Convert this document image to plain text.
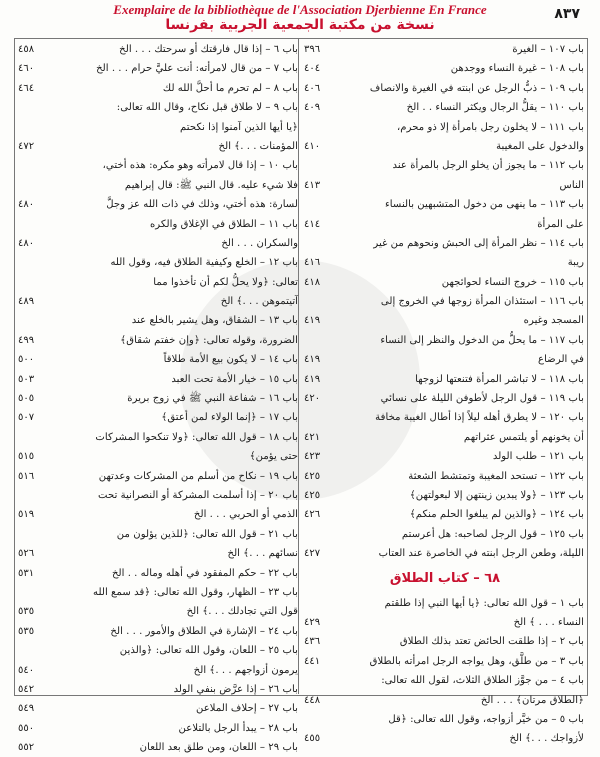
Exemplaire de la bibliothèque de l'Association Djerbienne En France
نسخة من مكتبة الجمعية الجربية بفرنسا
٨٣٧
٣٩٦	باب ١٠٧ – الغيرة
٤٠٤	باب ١٠٨ – غيرة النساء ووجدهن
٤٠٦	باب ١٠٩ – ذبُّ الرجل عن ابنته في الغيرة والانصاف
٤٠٩	باب ١١٠ – يقلُّ الرجال ويكثر النساء . . الخ
باب ١١١ – لا يخلون رجل بامرأة إلا ذو محرم،
٤١٠	والدخول على المغيبة
باب ١١٢ – ما يجوز أن يخلو الرجل بالمرأة عند
٤١٣	الناس
باب ١١٣ – ما ينهى من دخول المتشبهين بالنساء
٤١٤	على المرأة
باب ١١٤ – نظر المرأة إلى الحبش ونحوهم من غير
٤١٦	ريبة
٤١٨	باب ١١٥ – خروج النساء لحوائجهن
باب ١١٦ – استئذان المرأة زوجها في الخروج إلى
٤١٩	المسجد وغيره
باب ١١٧ – ما يحلُّ من الدخول والنظر إلى النساء
٤١٩	في الرضاع
٤١٩	باب ١١٨ – لا تباشر المرأة فتنعتها لزوجها
٤٢٠	باب ١١٩ – قول الرجل لأطوفن الليلة على نسائي
باب ١٢٠ – لا يطرق أهله ليلاً إذا أطال الغيبة مخافة
٤٢١	أن يخونهم أو يلتمس عثراتهم
٤٢٣	باب ١٢١ – طلب الولد
٤٢٥	باب ١٢٢ – تستحد المغيبة وتمتشط الشعثة
٤٢٥	باب ١٢٣ – ﴿ولا يبدين زينتهن إلا لبعولتهن﴾
٤٢٦	باب ١٢٤ – ﴿والذين لم يبلغوا الحلم منكم﴾
باب ١٢٥ – قول الرجل لصاحبه: هل أعرستم
٤٢٧	الليلة، وطعن الرجل ابنته في الخاصرة عند العتاب
٦٨ – كتاب الطلاق
باب ١ – قول الله تعالى: ﴿يا أيها النبي إذا طلقتم
٤٢٩	النساء . . . ﴾ الخ
٤٣٦	باب ٢ – إذا طلقت الحائض تعتد بذلك الطلاق
٤٤١	باب ٣ – من طلَّق، وهل يواجه الرجل امرأته بالطلاق
باب ٤ – من جوَّز الطلاق الثلاث، لقول الله تعالى:
٤٤٨	﴿الطلاق مرتان﴾ . . . الخ
باب ٥ – من خيَّر أزواجه، وقول الله تعالى: ﴿قل
٤٥٥	لأزواجك . . .﴾ الخ
٤٥٨	باب ٦ – إذا قال فارقتك أو سرحتك . . . الخ
٤٦٠	باب ٧ – من قال لامرأته: أنت عليَّ حرام . . . الخ
٤٦٤	باب ٨ – لم تحرم ما أحلَّ الله لك
باب ٩ – لا طلاق قبل نكاح، وقال الله تعالى:
﴿يا أيها الذين آمنوا إذا نكحتم
٤٧٢	المؤمنات . . .﴾ الخ
باب ١٠ – إذا قال لامرأته وهو مكره: هذه أختي،
فلا شيء عليه. قال النبي ﷺ: قال إبراهيم
٤٨٠	لسارة: هذه أختي، وذلك في ذات الله عز وجلَّ
باب ١١ – الطلاق في الإغلاق والكره
٤٨٠	والسكران . . . الخ
باب ١٢ – الخلع وكيفية الطلاق فيه، وقول الله
تعالى: ﴿ولا يحلُّ لكم أن تأخذوا مما
٤٨٩	آتيتموهن . . .﴾ الخ
باب ١٣ – الشقاق، وهل يشير بالخلع عند
٤٩٩	الضرورة، وقوله تعالى: ﴿وإن خفتم شقاق﴾
٥٠٠	باب ١٤ – لا يكون بيع الأمة طلاقاً
٥٠٣	باب ١٥ – خيار الأمة تحت العبد
٥٠٥	باب ١٦ – شفاعة النبي ﷺ في زوج بريرة
٥٠٧	باب ١٧ – ﴿إنما الولاء لمن أعتق﴾
باب ١٨ – قول الله تعالى: ﴿ولا تنكحوا المشركات
٥١٥	حتى يؤمن﴾
٥١٦	باب ١٩ – نكاح من أسلم من المشركات وعدتهن
باب ٢٠ – إذا أسلمت المشركة أو النصرانية تحت
٥١٩	الذمي أو الحربي . . . الخ
باب ٢١ – قول الله تعالى: ﴿للذين يؤلون من
٥٢٦	نسائهم . . .﴾ الخ
٥٣١	باب ٢٢ – حكم المفقود في أهله وماله . . الخ
باب ٢٣ – الظهار، وقول الله تعالى: ﴿قد سمع الله
٥٣٥	قول التي تجادلك . . .﴾ الخ
٥٣٥	باب ٢٤ – الإشارة في الطلاق والأمور . . . الخ
باب ٢٥ – اللعان، وقول الله تعالى: ﴿والذين
٥٤٠	يرمون أزواجهم . . .﴾ الخ
٥٤٢	باب ٢٦ – إذا عرَّض بنفي الولد
٥٤٩	باب ٢٧ – إحلاف الملاعن
٥٥٠	باب ٢٨ – يبدأ الرجل بالتلاعن
٥٥٢	باب ٢٩ – اللعان، ومن طلق بعد اللعان
